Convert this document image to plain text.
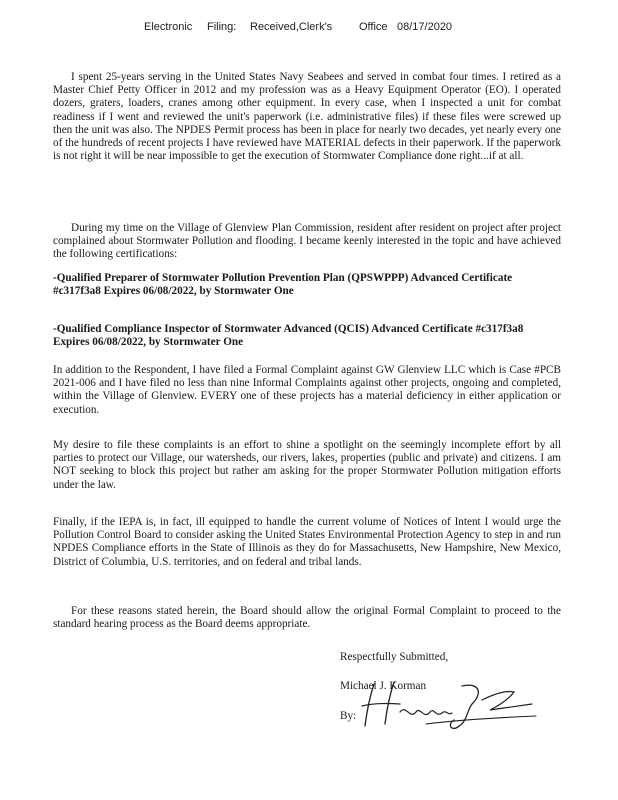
Electronic Filing: Received,Clerk's Office 08/17/2020

I spent 25-years serving in the United States Navy Seabees and served in combat four times. I retired as a Master Chief Petty Officer in 2012 and my profession was as a Heavy Equipment Operator (EO). I operated dozers, graters, loaders, cranes among other equipment. In every case, when I inspected a unit for combat readiness if I went and reviewed the unit's paperwork (i.e. administrative files) if these files were screwed up then the unit was also. The NPDES Permit process has been in place for nearly two decades, yet nearly every one of the hundreds of recent projects I have reviewed have MATERIAL defects in their paperwork. If the paperwork is not right it will be near impossible to get the execution of Stormwater Compliance done right...if at all.

During my time on the Village of Glenview Plan Commission, resident after resident on project after project complained about Stormwater Pollution and flooding. I became keenly interested in the topic and have achieved the following certifications:

-Qualified Preparer of Stormwater Pollution Prevention Plan (QPSWPPP) Advanced Certificate #c317f3a8 Expires 06/08/2022, by Stormwater One

-Qualified Compliance Inspector of Stormwater Advanced (QCIS) Advanced Certificate #c317f3a8 Expires 06/08/2022, by Stormwater One

In addition to the Respondent, I have filed a Formal Complaint against GW Glenview LLC which is Case #PCB 2021-006 and I have filed no less than nine Informal Complaints against other projects, ongoing and completed, within the Village of Glenview. EVERY one of these projects has a material deficiency in either application or execution.

My desire to file these complaints is an effort to shine a spotlight on the seemingly incomplete effort by all parties to protect our Village, our watersheds, our rivers, lakes, properties (public and private) and citizens. I am NOT seeking to block this project but rather am asking for the proper Stormwater Pollution mitigation efforts under the law.

Finally, if the IEPA is, in fact, ill equipped to handle the current volume of Notices of Intent I would urge the Pollution Control Board to consider asking the United States Environmental Protection Agency to step in and run NPDES Compliance efforts in the State of Illinois as they do for Massachusetts, New Hampshire, New Mexico, District of Columbia, U.S. territories, and on federal and tribal lands.

For these reasons stated herein, the Board should allow the original Formal Complaint to proceed to the standard hearing process as the Board deems appropriate.

Respectfully Submitted,
Michael J. Korman
By:
